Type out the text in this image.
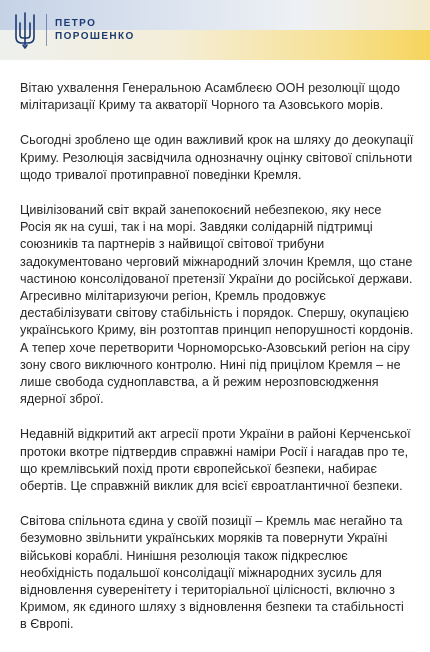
ПЕТРО
ПОРОШЕНКО

Вітаю ухвалення Генеральною Асамблеєю ООН резолюції щодо мілітаризації Криму та акваторії Чорного та Азовського морів.

Сьогодні зроблено ще один важливий крок на шляху до деокупації Криму. Резолюція засвідчила однозначну оцінку світової спільноти щодо тривалої протиправної поведінки Кремля.

Цивілізований світ вкрай занепокоєний небезпекою, яку несе Росія як на суші, так і на морі. Завдяки солідарній підтримці союзників та партнерів з найвищої світової трибуни задокументовано черговий міжнародний злочин Кремля, що стане частиною консолідованої претензії України до російської держави. Агресивно мілітаризуючи регіон, Кремль продовжує дестабілізувати світову стабільність і порядок. Спершу, окупацією українського Криму, він розтоптав принцип непорушності кордонів. А тепер хоче перетворити Чорноморсько-Азовський регіон на сіру зону свого виключного контролю. Нині під прицілом Кремля – не лише свобода судноплавства, а й режим нерозповсюдження ядерної зброї.

Недавній відкритий акт агресії проти України в районі Керченської протоки вкотре підтвердив справжні наміри Росії і нагадав про те, що кремлівський похід проти європейської безпеки, набирає обертів. Це справжній виклик для всієї євроатлантичної безпеки.

Світова спільнота єдина у своїй позиції – Кремль має негайно та безумовно звільнити українських моряків та повернути Україні військові кораблі. Нинішня резолюція також підкреслює необхідність подальшої консолідації міжнародних зусиль для відновлення суверенітету і територіальної цілісності, включно з Кримом, як єдиного шляху з відновлення безпеки та стабільності в Європі.
